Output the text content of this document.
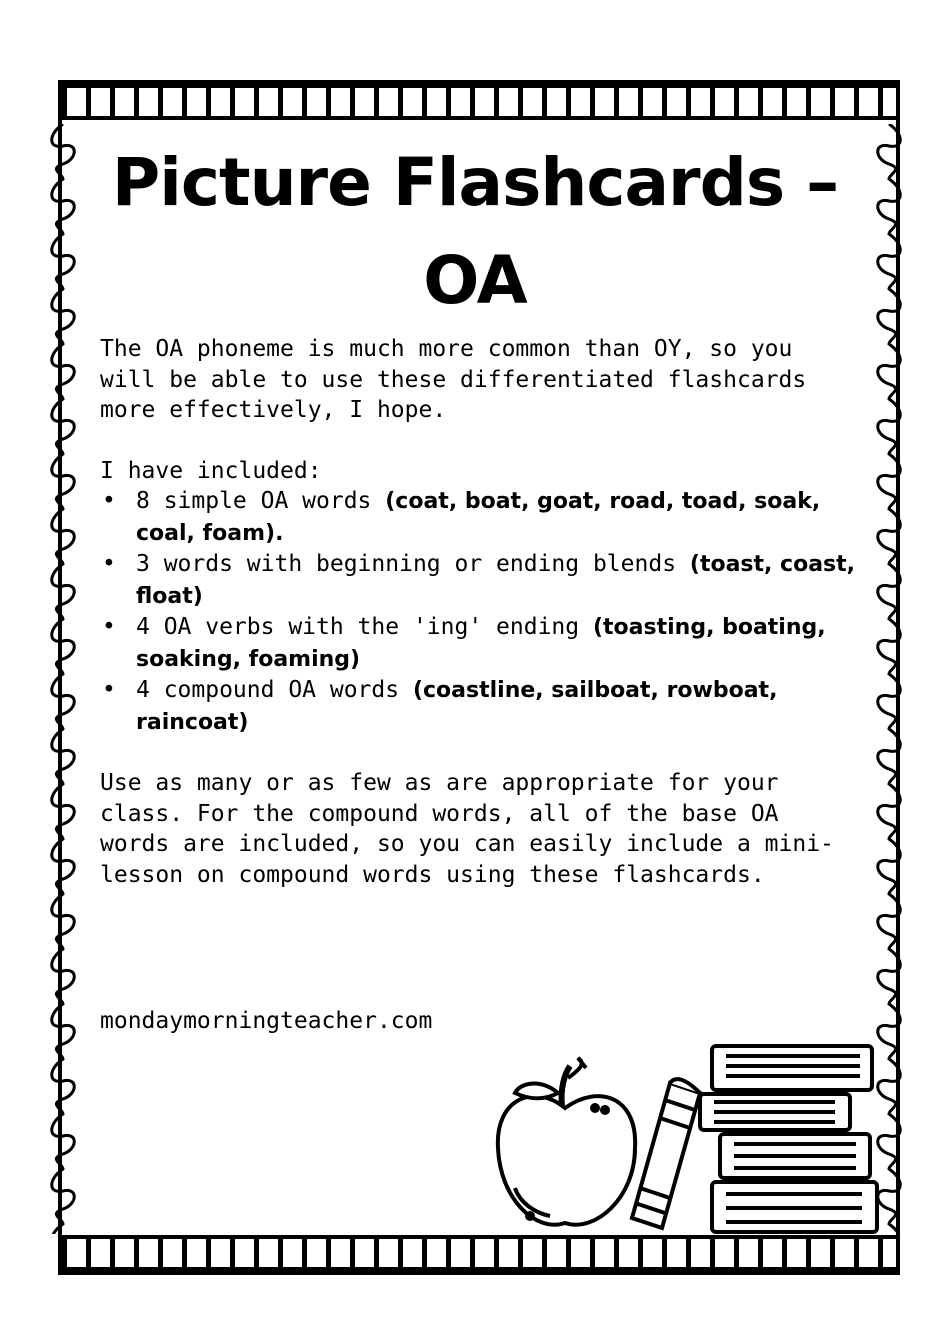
Picture Flashcards –
OA

The OA phoneme is much more common than OY, so you will be able to use these differentiated flashcards more effectively, I hope.

I have included:

• 8 simple OA words (coat, boat, goat, road, toad, soak, coal, foam).
• 3 words with beginning or ending blends (toast, coast, float)
• 4 OA verbs with the 'ing' ending (toasting, boating, soaking, foaming)
• 4 compound OA words (coastline, sailboat, rowboat, raincoat)

Use as many or as few as are appropriate for your class. For the compound words, all of the base OA words are included, so you can easily include a mini-lesson on compound words using these flashcards.

mondaymorningteacher.com
